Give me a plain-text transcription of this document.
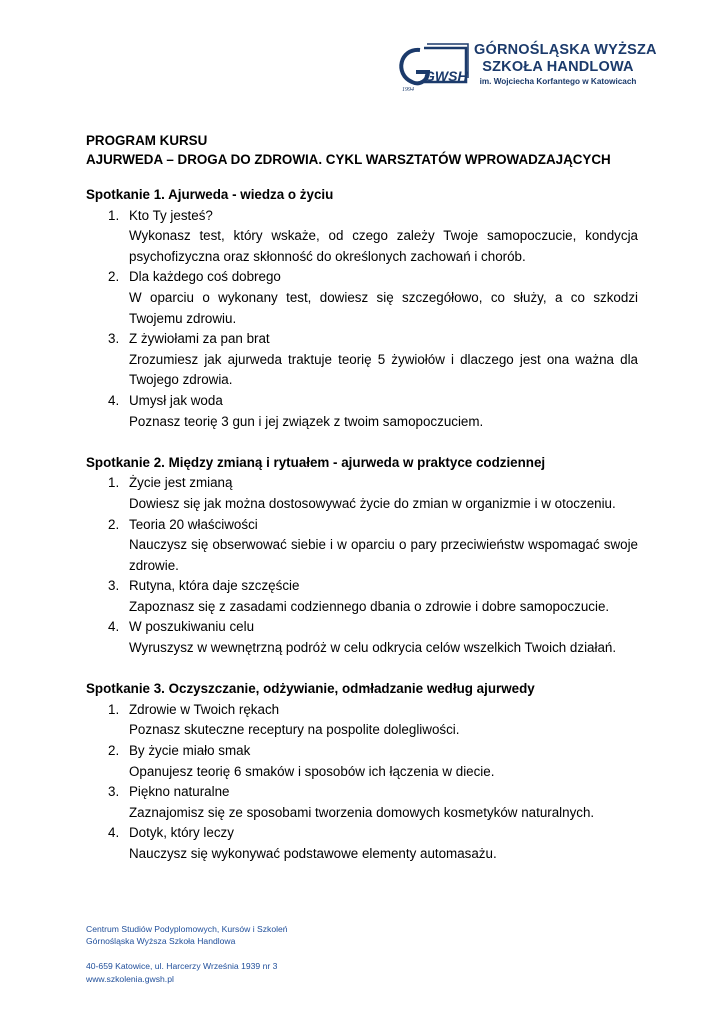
GWSH
1994
GÓRNOŚLĄSKA WYŻSZA
SZKOŁA HANDLOWA
im. Wojciecha Korfantego w Katowicach
PROGRAM KURSU
AJURWEDA – DROGA DO ZDROWIA. CYKL WARSZTATÓW WPROWADZAJĄCYCH
Spotkanie 1. Ajurweda - wiedza o życiu
1. Kto Ty jesteś?
Wykonasz test, który wskaże, od czego zależy Twoje samopoczucie, kondycja psychofizyczna oraz skłonność do określonych zachowań i chorób.
2. Dla każdego coś dobrego
W oparciu o wykonany test, dowiesz się szczegółowo, co służy, a co szkodzi Twojemu zdrowiu.
3. Z żywiołami za pan brat
Zrozumiesz jak ajurweda traktuje teorię 5 żywiołów i dlaczego jest ona ważna dla Twojego zdrowia.
4. Umysł jak woda
Poznasz teorię 3 gun i jej związek z twoim samopoczuciem.
Spotkanie 2. Między zmianą i rytuałem - ajurweda w praktyce codziennej
1. Życie jest zmianą
Dowiesz się jak można dostosowywać życie do zmian w organizmie i w otoczeniu.
2. Teoria 20 właściwości
Nauczysz się obserwować siebie i w oparciu o pary przeciwieństw wspomagać swoje zdrowie.
3. Rutyna, która daje szczęście
Zapoznasz się z zasadami codziennego dbania o zdrowie i dobre samopoczucie.
4. W poszukiwaniu celu
Wyruszysz w wewnętrzną podróż w celu odkrycia celów wszelkich Twoich działań.
Spotkanie 3. Oczyszczanie, odżywianie, odmładzanie według ajurwedy
1. Zdrowie w Twoich rękach
Poznasz skuteczne receptury na pospolite dolegliwości.
2. By życie miało smak
Opanujesz teorię 6 smaków i sposobów ich łączenia w diecie.
3. Piękno naturalne
Zaznajomisz się ze sposobami tworzenia domowych kosmetyków naturalnych.
4. Dotyk, który leczy
Nauczysz się wykonywać podstawowe elementy automasażu.
Centrum Studiów Podyplomowych, Kursów i Szkoleń
Górnośląska Wyższa Szkoła Handlowa
40-659 Katowice, ul. Harcerzy Września 1939 nr 3
www.szkolenia.gwsh.pl
